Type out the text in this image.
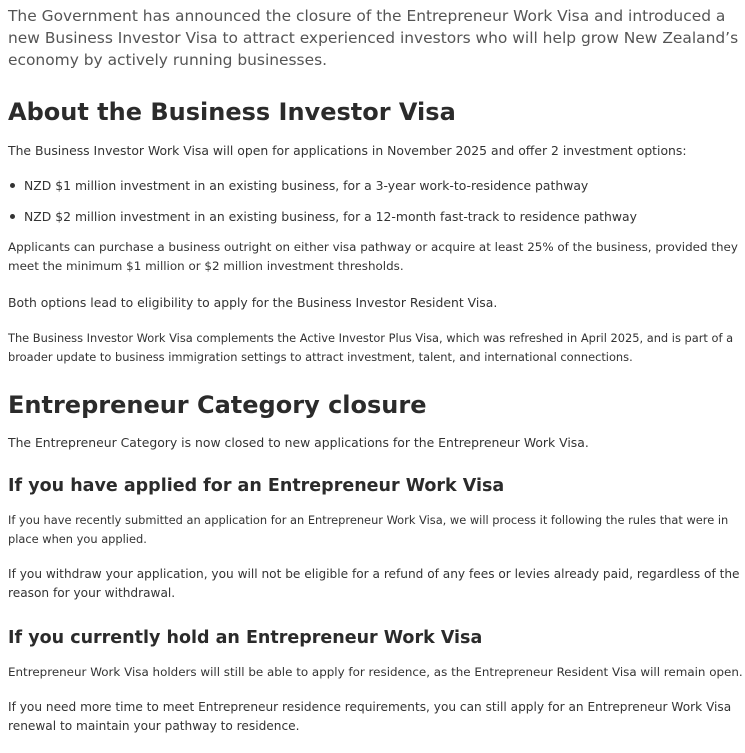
The Government has announced the closure of the Entrepreneur Work Visa and introduced a
new Business Investor Visa to attract experienced investors who will help grow New Zealand’s
economy by actively running businesses.

About the Business Investor Visa

The Business Investor Work Visa will open for applications in November 2025 and offer 2 investment options:

NZD $1 million investment in an existing business, for a 3-year work-to-residence pathway
NZD $2 million investment in an existing business, for a 12-month fast-track to residence pathway

Applicants can purchase a business outright on either visa pathway or acquire at least 25% of the business, provided they
meet the minimum $1 million or $2 million investment thresholds.

Both options lead to eligibility to apply for the Business Investor Resident Visa.

The Business Investor Work Visa complements the Active Investor Plus Visa, which was refreshed in April 2025, and is part of a
broader update to business immigration settings to attract investment, talent, and international connections.

Entrepreneur Category closure

The Entrepreneur Category is now closed to new applications for the Entrepreneur Work Visa.

If you have applied for an Entrepreneur Work Visa

If you have recently submitted an application for an Entrepreneur Work Visa, we will process it following the rules that were in
place when you applied.

If you withdraw your application, you will not be eligible for a refund of any fees or levies already paid, regardless of the
reason for your withdrawal.

If you currently hold an Entrepreneur Work Visa

Entrepreneur Work Visa holders will still be able to apply for residence, as the Entrepreneur Resident Visa will remain open.

If you need more time to meet Entrepreneur residence requirements, you can still apply for an Entrepreneur Work Visa
renewal to maintain your pathway to residence.
